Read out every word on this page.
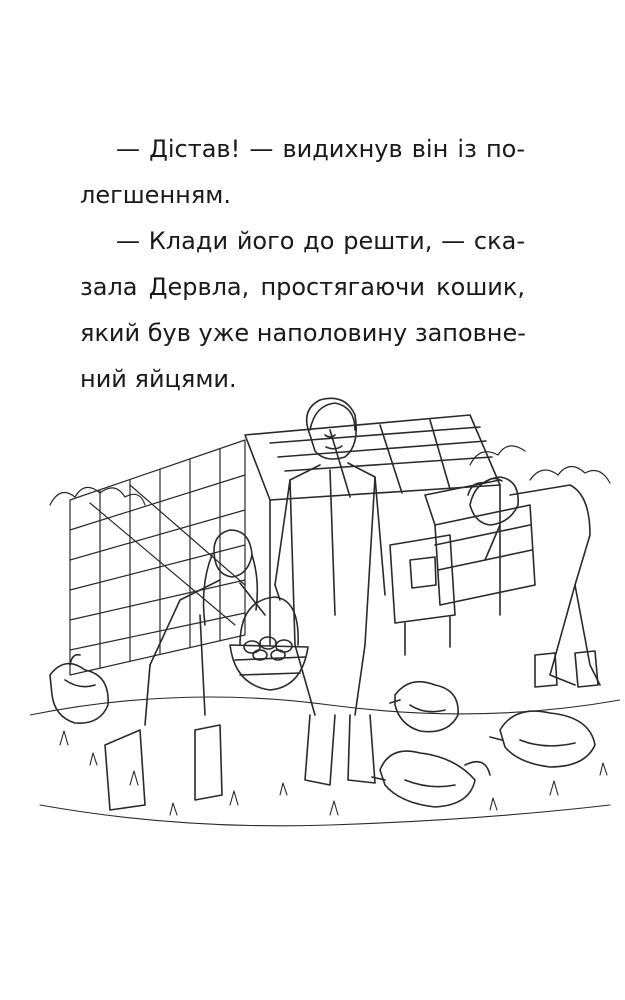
— Дістав! — видихнув він із по-
легшенням.
— Клади його до решти, — ска-
зала Дервла, простягаючи кошик,
який був уже наполовину заповне-
ний яйцями.
